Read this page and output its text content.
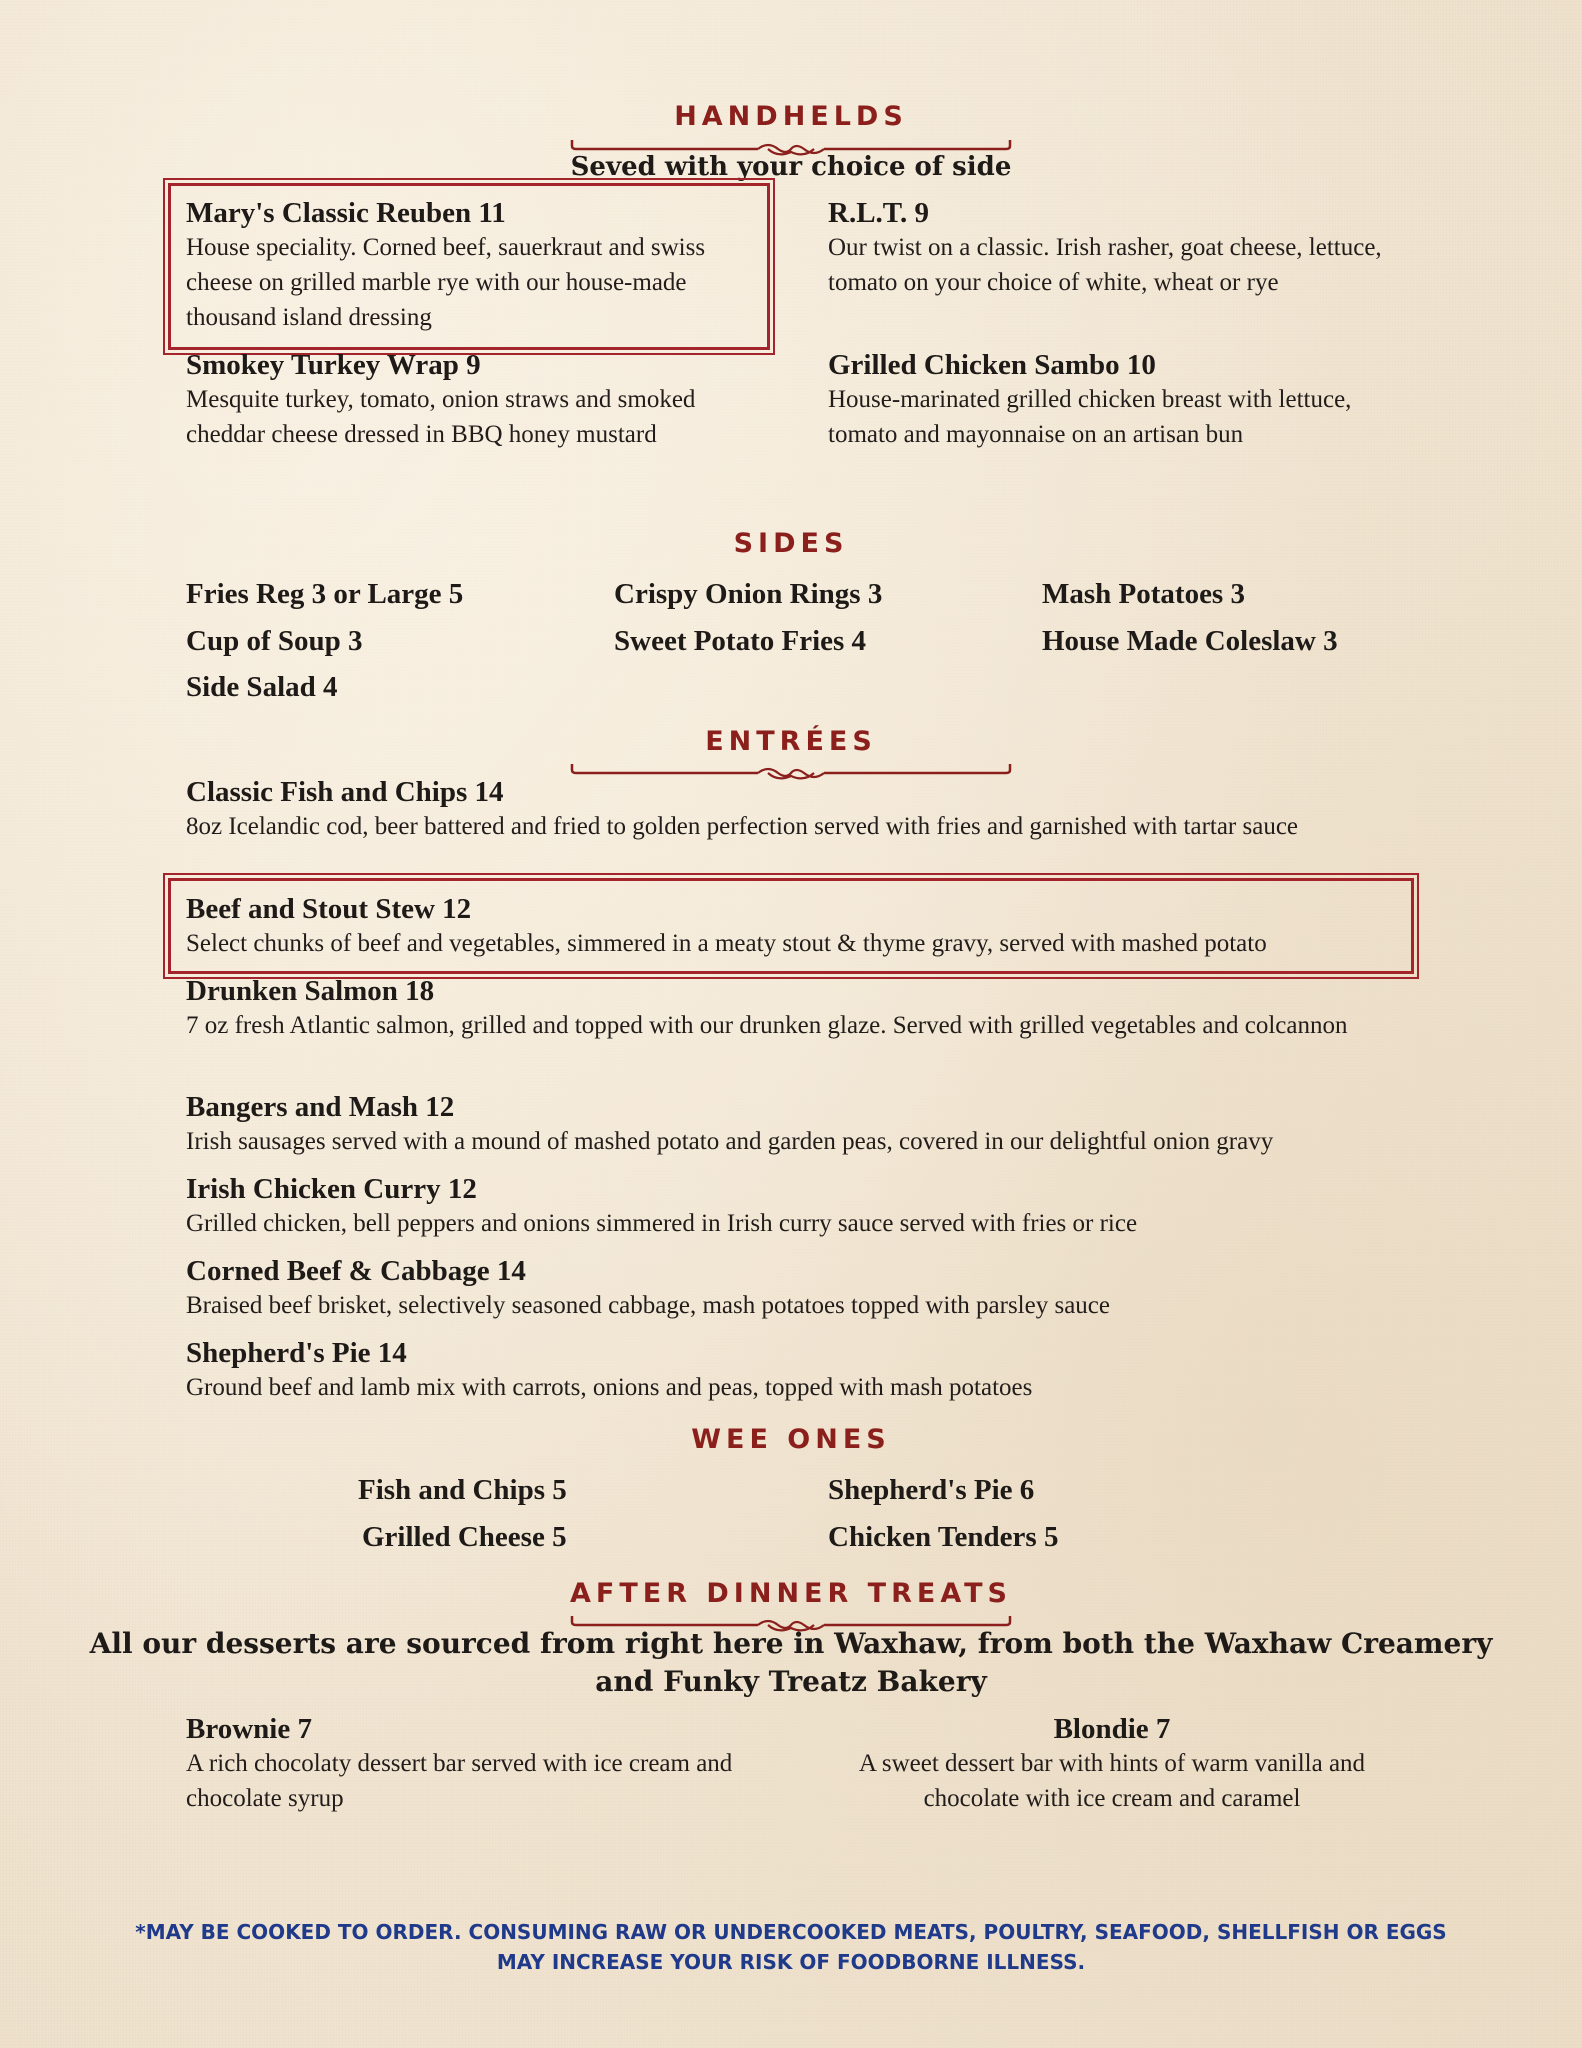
HANDHELDS
Seved with your choice of side
Mary's Classic Reuben 11
House speciality. Corned beef, sauerkraut and swiss cheese on grilled marble rye with our house-made thousand island dressing
R.L.T. 9
Our twist on a classic. Irish rasher, goat cheese, lettuce, tomato on your choice of white, wheat or rye
Smokey Turkey Wrap 9
Mesquite turkey, tomato, onion straws and smoked cheddar cheese dressed in BBQ honey mustard
Grilled Chicken Sambo 10
House-marinated grilled chicken breast with lettuce, tomato and mayonnaise on an artisan bun
SIDES
Fries Reg 3 or Large 5	Crispy Onion Rings 3	Mash Potatoes 3
Cup of Soup 3	Sweet Potato Fries 4	House Made Coleslaw 3
Side Salad 4
ENTRÉES
Classic Fish and Chips 14
8oz Icelandic cod, beer battered and fried to golden perfection served with fries and garnished with tartar sauce
Beef and Stout Stew 12
Select chunks of beef and vegetables, simmered in a meaty stout & thyme gravy, served with mashed potato
Drunken Salmon 18
7 oz fresh Atlantic salmon, grilled and topped with our drunken glaze. Served with grilled vegetables and colcannon
Bangers and Mash 12
Irish sausages served with a mound of mashed potato and garden peas, covered in our delightful onion gravy
Irish Chicken Curry 12
Grilled chicken, bell peppers and onions simmered in Irish curry sauce served with fries or rice
Corned Beef & Cabbage 14
Braised beef brisket, selectively seasoned cabbage, mash potatoes topped with parsley sauce
Shepherd's Pie 14
Ground beef and lamb mix with carrots, onions and peas, topped with mash potatoes
WEE ONES
Fish and Chips 5	Shepherd's Pie 6
Grilled Cheese 5	Chicken Tenders 5
AFTER DINNER TREATS
All our desserts are sourced from right here in Waxhaw, from both the Waxhaw Creamery
and Funky Treatz Bakery
Brownie 7
A rich chocolaty dessert bar served with ice cream and chocolate syrup
Blondie 7
A sweet dessert bar with hints of warm vanilla and chocolate with ice cream and caramel
*MAY BE COOKED TO ORDER. CONSUMING RAW OR UNDERCOOKED MEATS, POULTRY, SEAFOOD, SHELLFISH OR EGGS
MAY INCREASE YOUR RISK OF FOODBORNE ILLNESS.
